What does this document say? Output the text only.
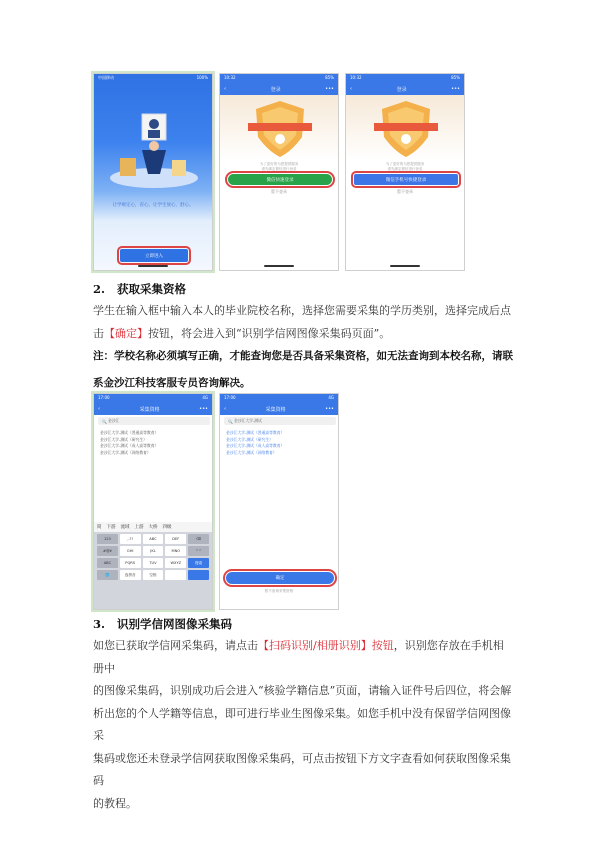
中国移动	100%
让学规定心，省心，让学生放心，舒心。
立即进入
10:32	85%
‹	登录	•••
为了更好的为您提供服务
请先绑定微信进行登录
微信快速登录
暂不登录
10:32	85%
‹	登录	•••
为了更好的为您提供服务
请先绑定微信进行登录
微信手机号快捷登录
暂不登录
2. 获取采集资格
学生在输入框中输入本人的毕业院校名称，选择您需要采集的学历类别，选择完成后点击【确定】按钮，将会进入到“识别学信网图像采集码页面”。
注：学校名称必须填写正确，才能查询您是否具备采集资格，如无法查询到本校名称，请联
系金沙江科技客服专员咨询解决。
17:00	4G
‹	采集资格	•••
🔍 金沙江
金沙江大学-测试（普通高等教育）
金沙江大学-测试（研究生）
金沙江大学-测试（成人高等教育）
金沙江大学-测试（网络教育）
筒 下游 流域 上游 大桥 四级
123	,.?!	ABC	DEF	⌫
#@¥	GHI	JKL	MNO	^^
ABC	PQRS	TUV	WXYZ	搜索
🌐	选拼音	空格
17:00	4G
‹	采集资格	•••
🔍 金沙江大学-测试
金沙江大学-测试（普通高等教育）
金沙江大学-测试（研究生）
金沙江大学-测试（成人高等教育）
金沙江大学-测试（网络教育）
确定
暂不查询采集资格
3. 识别学信网图像采集码
如您已获取学信网采集码，请点击【扫码识别/相册识别】按钮，识别您存放在手机相册中
的图像采集码，识别成功后会进入“核验学籍信息”页面，请输入证件号后四位，将会解
析出您的个人学籍等信息，即可进行毕业生图像采集。如您手机中没有保留学信网图像采
集码或您还未登录学信网获取图像采集码，可点击按钮下方文字查看如何获取图像采集码
的教程。
